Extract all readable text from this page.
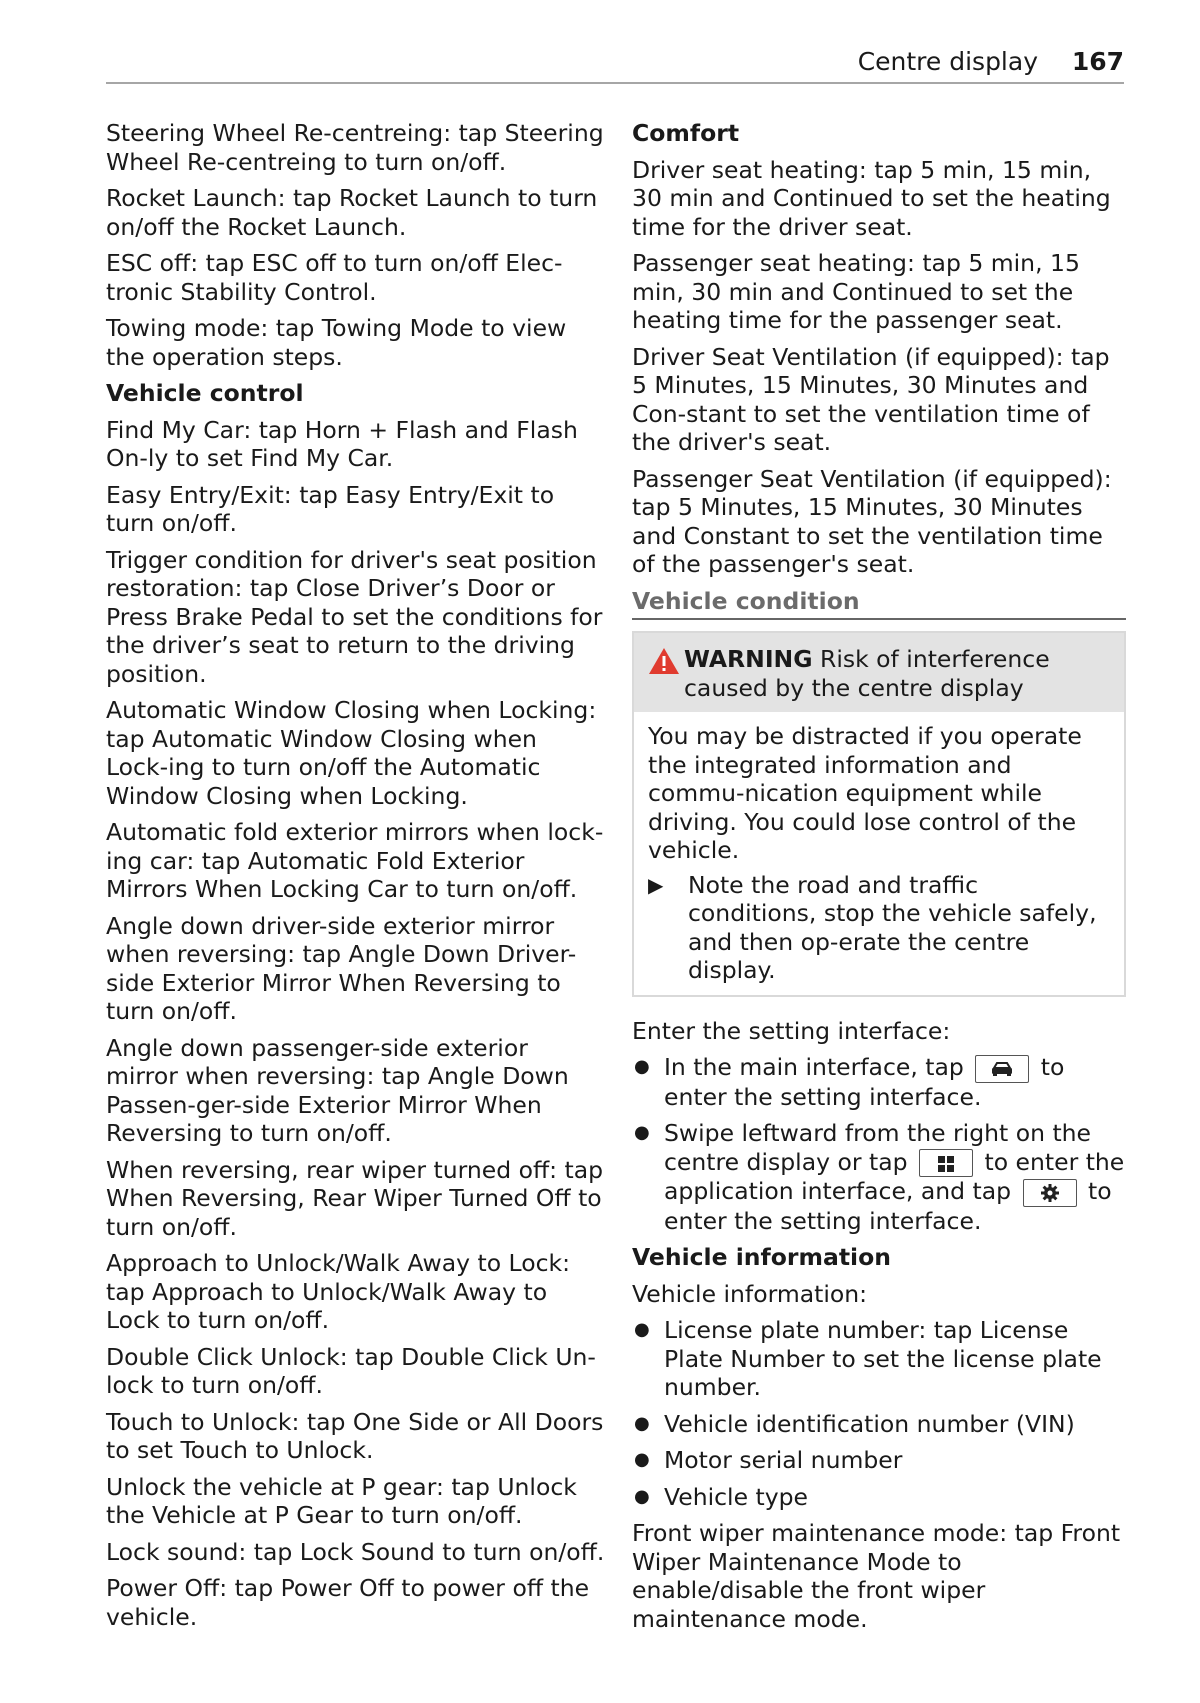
Centre display 167

Steering Wheel Re-centreing: tap Steering Wheel Re-centreing to turn on/off.

Rocket Launch: tap Rocket Launch to turn on/off the Rocket Launch.

ESC off: tap ESC off to turn on/off Elec-tronic Stability Control.

Towing mode: tap Towing Mode to view the operation steps.

Vehicle control

Find My Car: tap Horn + Flash and Flash On-ly to set Find My Car.

Easy Entry/Exit: tap Easy Entry/Exit to turn on/off.

Trigger condition for driver's seat position restoration: tap Close Driver’s Door or Press Brake Pedal to set the conditions for the driver’s seat to return to the driving position.

Automatic Window Closing when Locking: tap Automatic Window Closing when Lock-ing to turn on/off the Automatic Window Closing when Locking.

Automatic fold exterior mirrors when lock-ing car: tap Automatic Fold Exterior Mirrors When Locking Car to turn on/off.

Angle down driver-side exterior mirror when reversing: tap Angle Down Driver-side Exterior Mirror When Reversing to turn on/off.

Angle down passenger-side exterior mirror when reversing: tap Angle Down Passen-ger-side Exterior Mirror When Reversing to turn on/off.

When reversing, rear wiper turned off: tap When Reversing, Rear Wiper Turned Off to turn on/off.

Approach to Unlock/Walk Away to Lock: tap Approach to Unlock/Walk Away to Lock to turn on/off.

Double Click Unlock: tap Double Click Un-lock to turn on/off.

Touch to Unlock: tap One Side or All Doors to set Touch to Unlock.

Unlock the vehicle at P gear: tap Unlock the Vehicle at P Gear to turn on/off.

Lock sound: tap Lock Sound to turn on/off.

Power Off: tap Power Off to power off the vehicle.

Comfort

Driver seat heating: tap 5 min, 15 min, 30 min and Continued to set the heating time for the driver seat.

Passenger seat heating: tap 5 min, 15 min, 30 min and Continued to set the heating time for the passenger seat.

Driver Seat Ventilation (if equipped): tap 5 Minutes, 15 Minutes, 30 Minutes and Con-stant to set the ventilation time of the driver's seat.

Passenger Seat Ventilation (if equipped): tap 5 Minutes, 15 Minutes, 30 Minutes and Constant to set the ventilation time of the passenger's seat.

Vehicle condition
WARNING Risk of interference caused by the centre display

You may be distracted if you operate the integrated information and commu-nication equipment while driving. You could lose control of the vehicle.

▶	Note the road and traffic conditions, stop the vehicle safely, and then op-erate the centre display.

Enter the setting interface:

● In the main interface, tap	to enter the setting interface.
● Swipe leftward from the right on the centre display or tap	to enter the application interface, and tap	to enter the setting interface.
Vehicle information

Vehicle information:

● License plate number: tap License Plate Number to set the license plate number.
● Vehicle identification number (VIN)
● Motor serial number
● Vehicle type

Front wiper maintenance mode: tap Front Wiper Maintenance Mode to enable/disable the front wiper maintenance mode.
